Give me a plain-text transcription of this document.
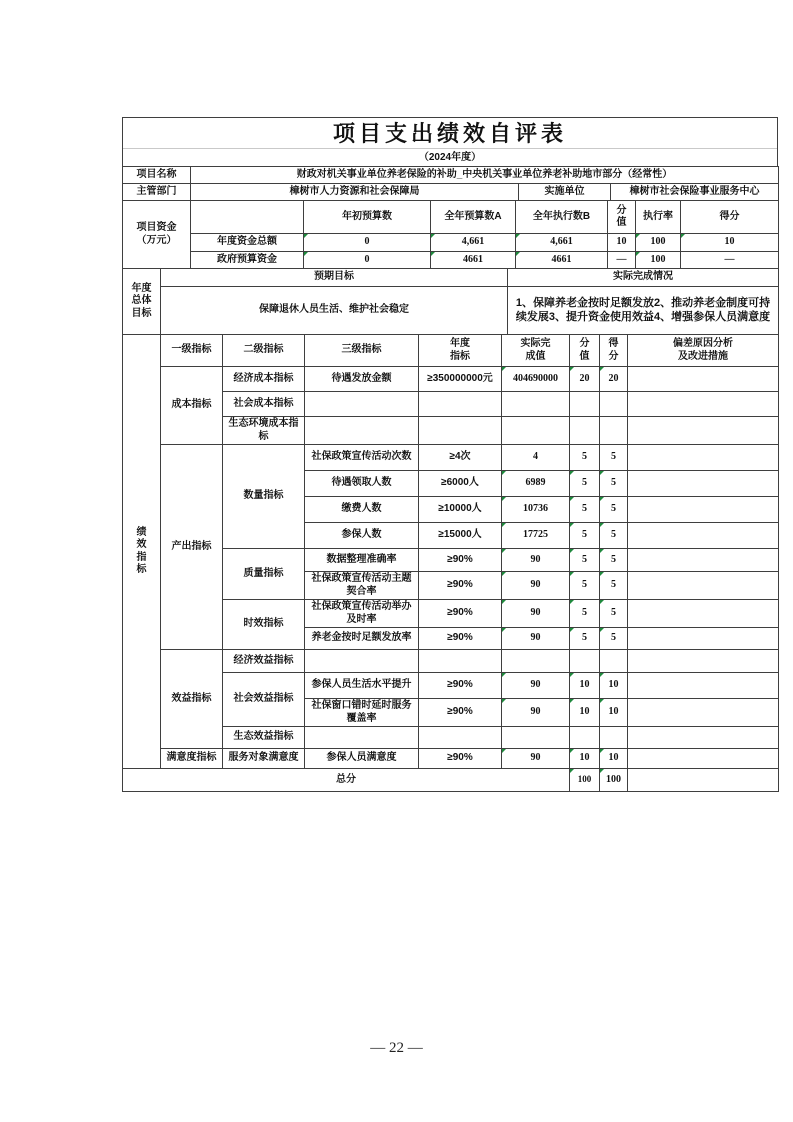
项目支出绩效自评表
（2024年度）
项目名称	财政对机关事业单位养老保险的补助_中央机关事业单位养老补助地市部分（经常性）		
主管部门	樟树市人力资源和社会保障局	实施单位	樟树市社会保险事业服务中心
项目资金（万元）		年初预算数	全年预算数A	全年执行数B	分值	执行率	得分
	年度资金总额	0	4,661	4,661	10	100	10
	政府预算资金	0	4661	4661	—	100	—
年度总体目标	预期目标	实际完成情况
	保障退休人员生活、维护社会稳定	1、保障养老金按时足额发放2、推动养老金制度可持续发展3、提升资金使用效益4、增强参保人员满意度
绩效指标	一级指标	二级指标	三级指标	年度指标	实际完成值	分值	得分	偏差原因分析及改进措施
	成本指标	经济成本指标	待遇发放金额	≥350000000元	404690000	20	20	
		社会成本指标						
		生态环境成本指标						
	产出指标	数量指标	社保政策宣传活动次数	≥4次	4	5	5	
			待遇领取人数	≥6000人	6989	5	5	
			缴费人数	≥10000人	10736	5	5	
			参保人数	≥15000人	17725	5	5	
		质量指标	数据整理准确率	≥90%	90	5	5	
			社保政策宣传活动主题契合率	≥90%	90	5	5	
		时效指标	社保政策宣传活动举办及时率	≥90%	90	5	5	
			养老金按时足额发放率	≥90%	90	5	5	
	效益指标	经济效益指标						
		社会效益指标	参保人员生活水平提升	≥90%	90	10	10	
			社保窗口错时延时服务覆盖率	≥90%	90	10	10	
		生态效益指标						
	满意度指标	服务对象满意度	参保人员满意度	≥90%	90	10	10	
总分	100	100	
— 22 —
